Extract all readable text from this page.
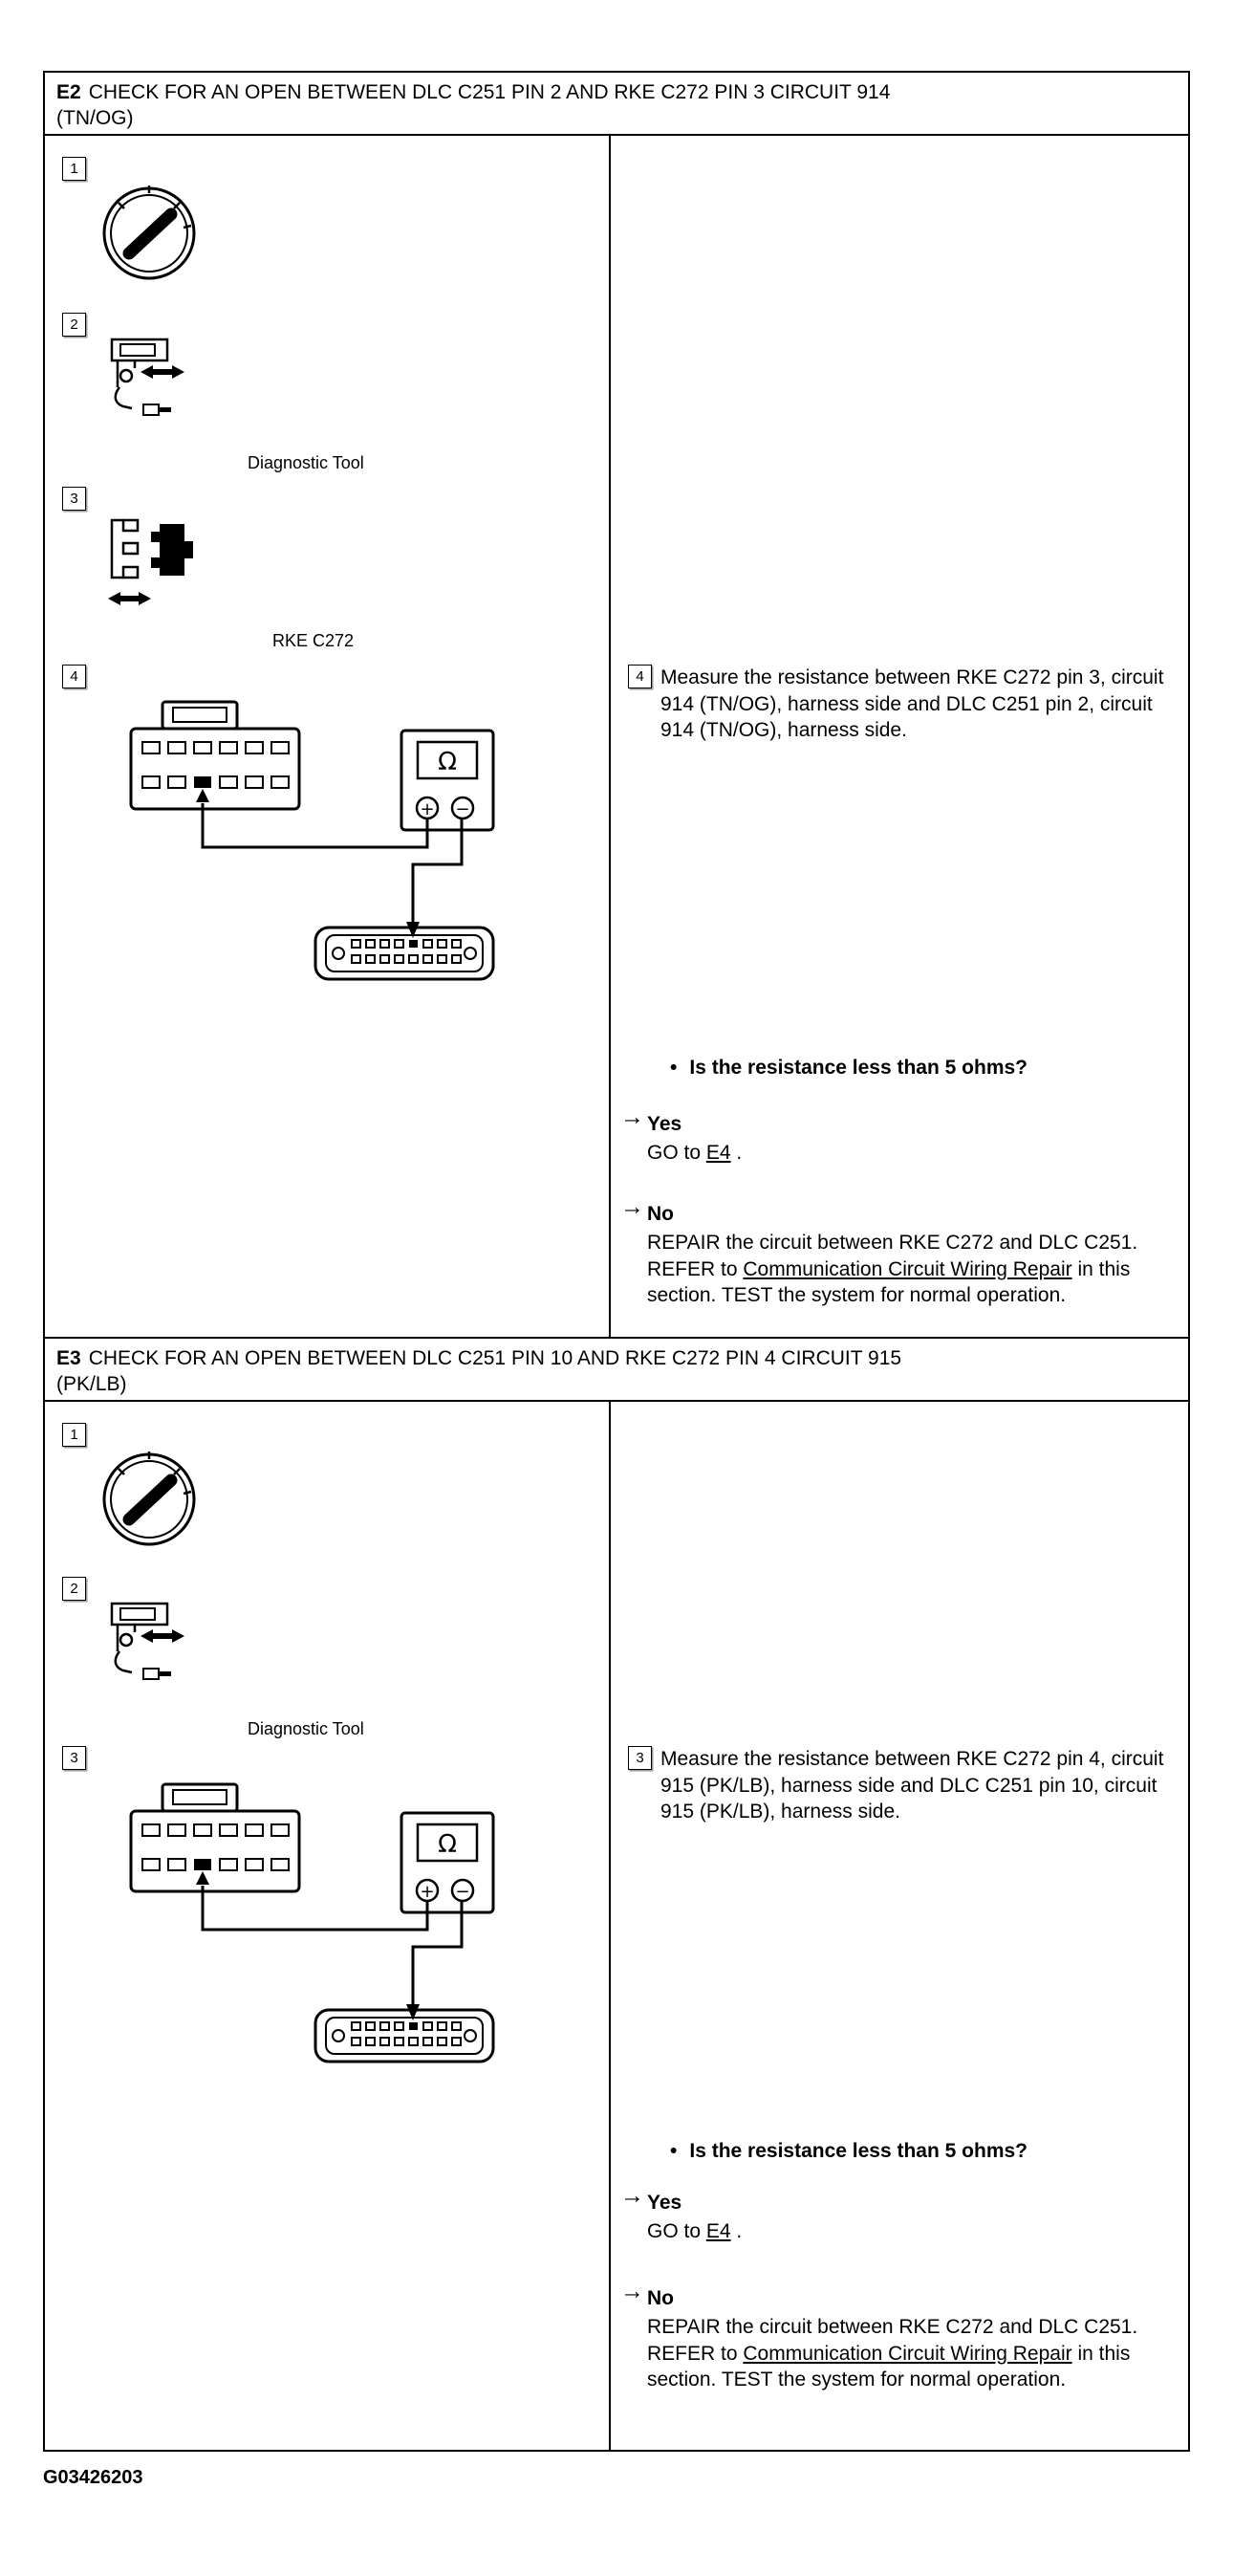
E2 CHECK FOR AN OPEN BETWEEN DLC C251 PIN 2 AND RKE C272 PIN 3 CIRCUIT 914
(TN/OG)
1
2
Diagnostic Tool
3
RKE C272
4
Ω
+ −
4 Measure the resistance between RKE C272 pin 3, circuit 914 (TN/OG), harness side and DLC C251 pin 2, circuit 914 (TN/OG), harness side.
• Is the resistance less than 5 ohms?
→ Yes
GO to E4 .
→ No
REPAIR the circuit between RKE C272 and DLC C251. REFER to Communication Circuit Wiring Repair in this section. TEST the system for normal operation.
E3 CHECK FOR AN OPEN BETWEEN DLC C251 PIN 10 AND RKE C272 PIN 4 CIRCUIT 915
(PK/LB)
1
2
Diagnostic Tool
3
Ω
+ −
3 Measure the resistance between RKE C272 pin 4, circuit 915 (PK/LB), harness side and DLC C251 pin 10, circuit 915 (PK/LB), harness side.
• Is the resistance less than 5 ohms?
→ Yes
GO to E4 .
→ No
REPAIR the circuit between RKE C272 and DLC C251. REFER to Communication Circuit Wiring Repair in this section. TEST the system for normal operation.
G03426203
